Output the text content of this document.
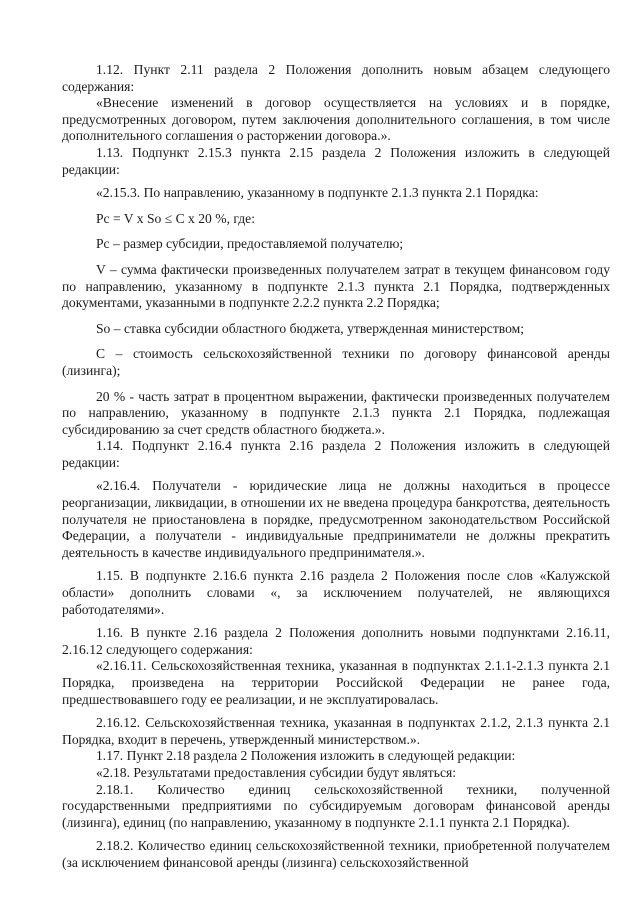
1.12. Пункт 2.11 раздела 2 Положения дополнить новым абзацем следующего содержания:

«Внесение изменений в договор осуществляется на условиях и в порядке, предусмотренных договором, путем заключения дополнительного соглашения, в том числе дополнительного соглашения о расторжении договора.».

1.13. Подпункт 2.15.3 пункта 2.15 раздела 2 Положения изложить в следующей редакции:

«2.15.3. По направлению, указанному в подпункте 2.1.3 пункта 2.1 Порядка:

Pc = V x So ≤ C x 20 %, где:

Pc – размер субсидии, предоставляемой получателю;

V – сумма фактически произведенных получателем затрат в текущем финансовом году по направлению, указанному в подпункте 2.1.3 пункта 2.1 Порядка, подтвержденных документами, указанными в подпункте 2.2.2 пункта 2.2 Порядка;

So – ставка субсидии областного бюджета, утвержденная министерством;

C – стоимость сельскохозяйственной техники по договору финансовой аренды (лизинга);

20 % - часть затрат в процентном выражении, фактически произведенных получателем по направлению, указанному в подпункте 2.1.3 пункта 2.1 Порядка, подлежащая субсидированию за счет средств областного бюджета.».

1.14. Подпункт 2.16.4 пункта 2.16 раздела 2 Положения изложить в следующей редакции:

«2.16.4. Получатели - юридические лица не должны находиться в процессе реорганизации, ликвидации, в отношении их не введена процедура банкротства, деятельность получателя не приостановлена в порядке, предусмотренном законодательством Российской Федерации, а получатели - индивидуальные предприниматели не должны прекратить деятельность в качестве индивидуального предпринимателя.».

1.15. В подпункте 2.16.6 пункта 2.16 раздела 2 Положения после слов «Калужской области» дополнить словами «, за исключением получателей, не являющихся работодателями».

1.16. В пункте 2.16 раздела 2 Положения дополнить новыми подпунктами 2.16.11, 2.16.12 следующего содержания:

«2.16.11. Сельскохозяйственная техника, указанная в подпунктах 2.1.1-2.1.3 пункта 2.1 Порядка, произведена на территории Российской Федерации не ранее года, предшествовавшего году ее реализации, и не эксплуатировалась.

2.16.12. Сельскохозяйственная техника, указанная в подпунктах 2.1.2, 2.1.3 пункта 2.1 Порядка, входит в перечень, утвержденный министерством.».

1.17. Пункт 2.18 раздела 2 Положения изложить в следующей редакции:

«2.18. Результатами предоставления субсидии будут являться:

2.18.1. Количество единиц сельскохозяйственной техники, полученной государственными предприятиями по субсидируемым договорам финансовой аренды (лизинга), единиц (по направлению, указанному в подпункте 2.1.1 пункта 2.1 Порядка).

2.18.2. Количество единиц сельскохозяйственной техники, приобретенной получателем (за исключением финансовой аренды (лизинга) сельскохозяйственной
